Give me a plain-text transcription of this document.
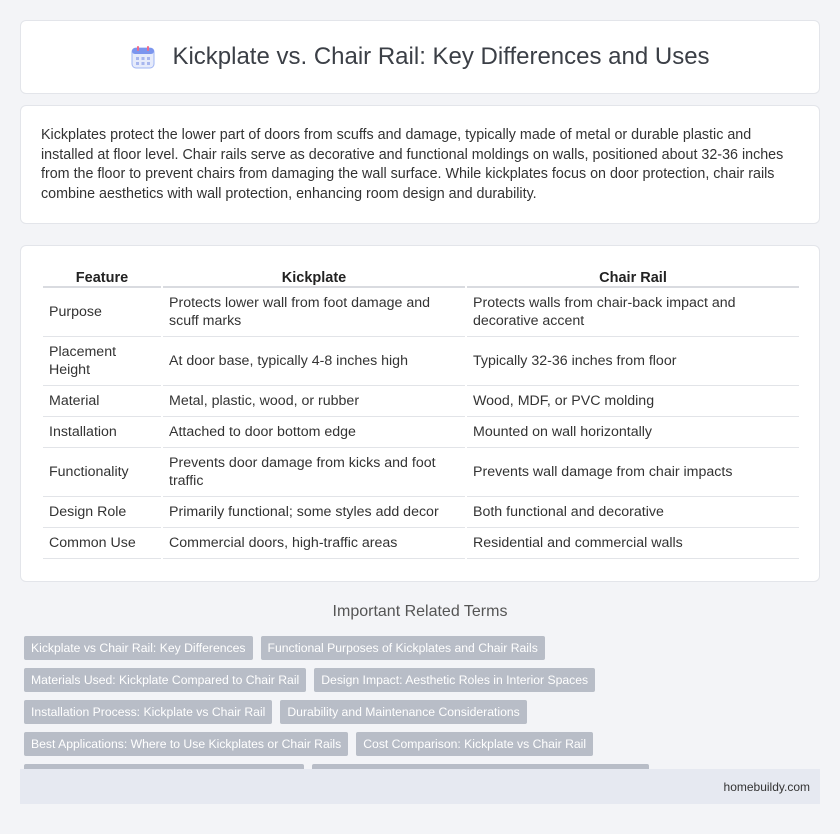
Kickplate vs. Chair Rail: Key Differences and Uses

Kickplates protect the lower part of doors from scuffs and damage, typically made of metal or durable plastic and installed at floor level. Chair rails serve as decorative and functional moldings on walls, positioned about 32-36 inches from the floor to prevent chairs from damaging the wall surface. While kickplates focus on door protection, chair rails combine aesthetics with wall protection, enhancing room design and durability.

Feature	Kickplate	Chair Rail
Purpose	Protects lower wall from foot damage and scuff marks	Protects walls from chair-back impact and decorative accent
Placement Height	At door base, typically 4-8 inches high	Typically 32-36 inches from floor
Material	Metal, plastic, wood, or rubber	Wood, MDF, or PVC molding
Installation	Attached to door bottom edge	Mounted on wall horizontally
Functionality	Prevents door damage from kicks and foot traffic	Prevents wall damage from chair impacts
Design Role	Primarily functional; some styles add decor	Both functional and decorative
Common Use	Commercial doors, high-traffic areas	Residential and commercial walls
Important Related Terms
Kickplate vs Chair Rail: Key Differences	Functional Purposes of Kickplates and Chair Rails
Materials Used: Kickplate Compared to Chair Rail	Design Impact: Aesthetic Roles in Interior Spaces
Installation Process: Kickplate vs Chair Rail	Durability and Maintenance Considerations
Best Applications: Where to Use Kickplates or Chair Rails	Cost Comparison: Kickplate vs Chair Rail
homebuildy.com
